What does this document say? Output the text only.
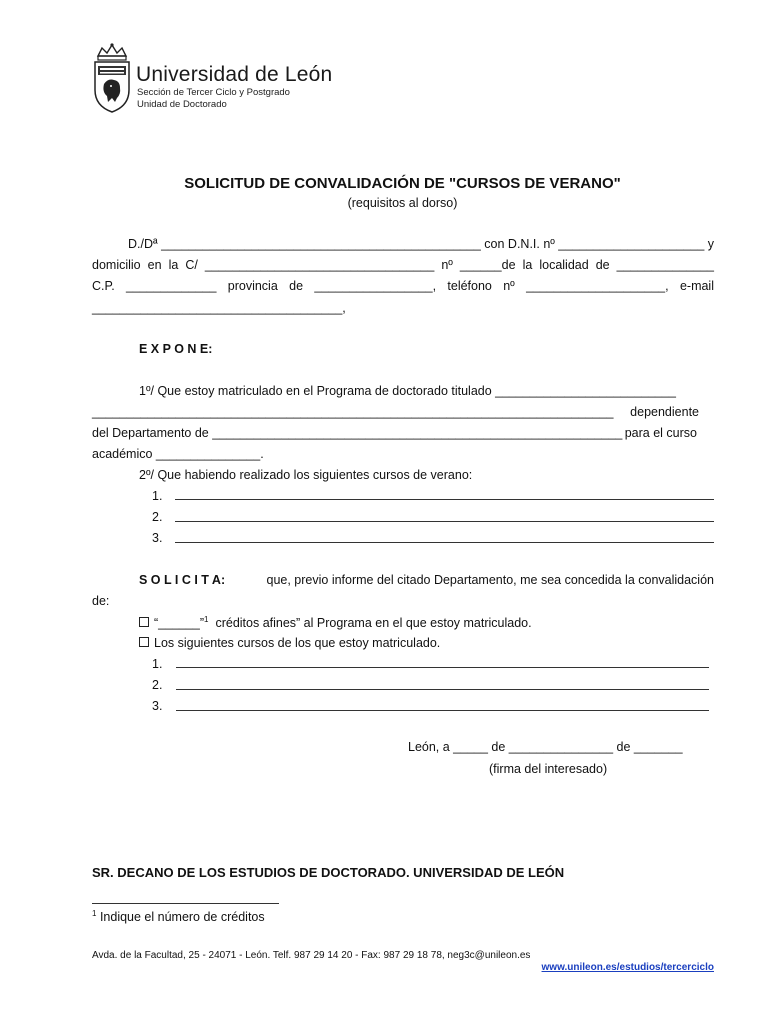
Universidad de León
Sección de Tercer Ciclo y Postgrado
Unidad de Doctorado
SOLICITUD DE CONVALIDACIÓN DE "CURSOS DE VERANO"
(requisitos al dorso)
D./Dª ______________________________________________ con D.N.I. nº _____________________ y
domicilio en la C/ _________________________________ nº ______de la localidad de ______________
C.P. _____________ provincia de _________________, teléfono nº ____________________, e-mail
____________________________________,
E X P O N E:
1º/ Que estoy matriculado en el Programa de doctorado titulado __________________________
___________________________________________________________________________ dependiente
del Departamento de ___________________________________________________________ para el curso
académico _______________.
2º/ Que habiendo realizado los siguientes cursos de verano:
1.
2.
3.
S O L I C I T A:	que, previo informe del citado Departamento, me sea concedida la convalidación
de:
“______”$^1$ créditos afines” al Programa en el que estoy matriculado.
Los siguientes cursos de los que estoy matriculado.
1.
2.
3.
León, a _____ de _______________ de _______
(firma del interesado)
SR. DECANO DE LOS ESTUDIOS DE DOCTORADO. UNIVERSIDAD DE LEÓN
$^1$ Indique el número de créditos
Avda. de la Facultad, 25 - 24071 - León. Telf. 987 29 14 20 - Fax: 987 29 18 78, neg3c@unileon.es
www.unileon.es/estudios/tercerciclo
